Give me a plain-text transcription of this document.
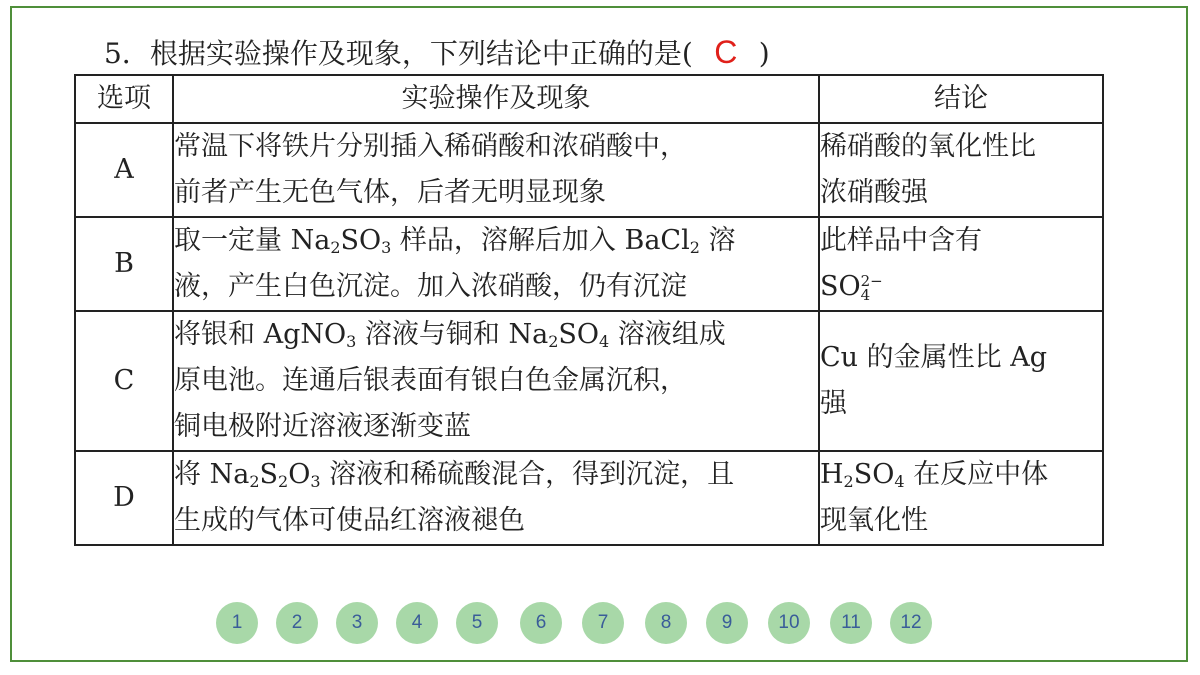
5．根据实验操作及现象，下列结论中正确的是( C )
选项	实验操作及现象	结论
A	常温下将铁片分别插入稀硝酸和浓硝酸中，
前者产生无色气体，后者无明显现象	稀硝酸的氧化性比
浓硝酸强

B	取一定量 $Na_2SO_3$ 样品，溶解后加入 BaCl$_2$ 溶
液，产生白色沉淀。加入浓硝酸，仍有沉淀	此样品中含有
SO 2−
4

C	将银和 AgNO$_3$ 溶液与铜和 $Na_2SO_4$ 溶液组成
原电池。连通后银表面有银白色金属沉积，
铜电极附近溶液逐渐变蓝	Cu 的金属性比 Ag
强

D	将 $Na_2S_2O_3$ 溶液和稀硫酸混合，得到沉淀，且
生成的气体可使品红溶液褪色	$H_2SO_4$ 在反应中体
现氧化性
1	2	3	4	5	6	7	8	9	10	11	12
